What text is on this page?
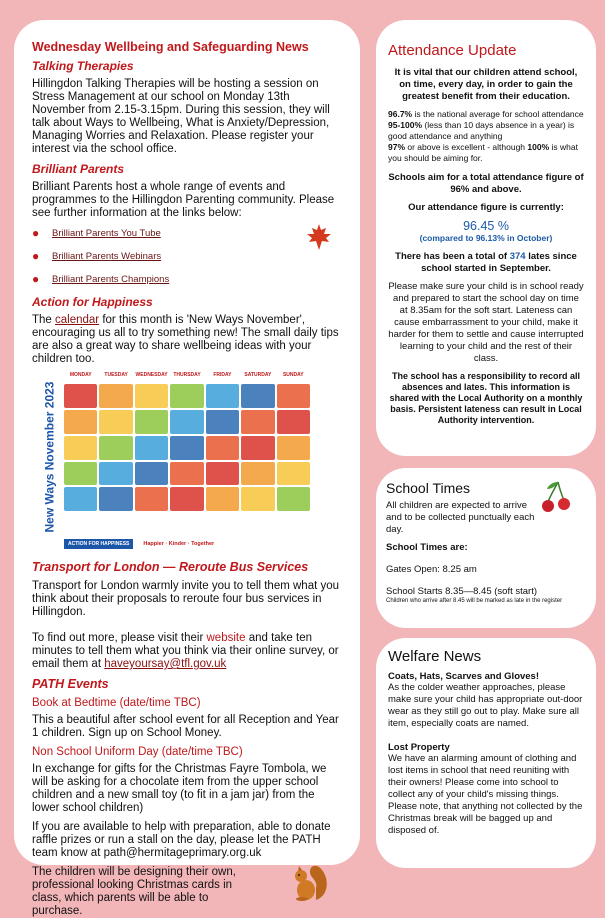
Wednesday Wellbeing and Safeguarding News
Talking Therapies

Hillingdon Talking Therapies will be hosting a session on Stress Management at our school on Monday 13th November from 2.15-3.15pm. During this session, they will talk about Ways to Wellbeing, What is Anxiety/Depression, Managing Worries and Relaxation. Please register your interest via the school office.

Brilliant Parents

Brilliant Parents host a whole range of events and programmes to the Hillingdon Parenting community. Please see further information at the links below:

● Brilliant Parents You Tube
● Brilliant Parents Webinars
● Brilliant Parents Champions
Action for Happiness

The calendar for this month is 'New Ways November', encouraging us all to try something new! The small daily tips are also a great way to share wellbeing ideas with your children too.

New Ways November 2023
MONDAY	TUESDAY	WEDNESDAY	THURSDAY	FRIDAY	SATURDAY	SUNDAY
ACTION FOR HAPPINESS	Happier · Kinder · Together
Transport for London — Reroute Bus Services

Transport for London warmly invite you to tell them what you think about their proposals to reroute four bus services in Hillingdon.

To find out more, please visit their website and take ten minutes to tell them what you think via their online survey, or email them at haveyoursay@tfl.gov.uk

PATH Events
Book at Bedtime (date/time TBC)

This a beautiful after school event for all Reception and Year 1 children. Sign up on School Money.

Non School Uniform Day (date/time TBC)

In exchange for gifts for the Christmas Fayre Tombola, we will be asking for a chocolate item from the upper school children and a new small toy (to fit in a jam jar) from the lower school children)

If you are available to help with preparation, able to donate raffle prizes or run a stall on the day, please let the PATH team know at path@hermitageprimary.org.uk

The children will be designing their own, professional looking Christmas cards in class, which parents will be able to purchase.

Attendance Update

It is vital that our children attend school, on time, every day, in order to gain the greatest benefit from their education.

96.7% is the national average for school attendance

95-100% (less than 10 days absence in a year) is good attendance and anything

97% or above is excellent - although 100% is what you should be aiming for.

Schools aim for a total attendance figure of 96% and above.

Our attendance figure is currently:

96.45 %
(compared to 96.13% in October)

There has been a total of 374 lates since school started in September.

Please make sure your child is in school ready and prepared to start the school day on time at 8.35am for the soft start. Lateness can cause embarrassment to your child, make it harder for them to settle and cause interrupted learning to your child and the rest of their class.

The school has a responsibility to record all absences and lates. This information is shared with the Local Authority on a monthly basis. Persistent lateness can result in Local Authority intervention.

School Times

All children are expected to arrive and to be collected punctually each day.

School Times are:

Gates Open: 8.25 am

School Starts 8.35—8.45 (soft start)

Children who arrive after 8.45 will be marked as late in the register

Welfare News

Coats, Hats, Scarves and Gloves!

As the colder weather approaches, please make sure your child has appropriate out-door wear as they still go out to play. Make sure all item, especially coats are named.

Lost Property

We have an alarming amount of clothing and lost items in school that need reuniting with their owners! Please come into school to collect any of your child's missing things. Please note, that anything not collected by the Christmas break will be bagged up and disposed of.
